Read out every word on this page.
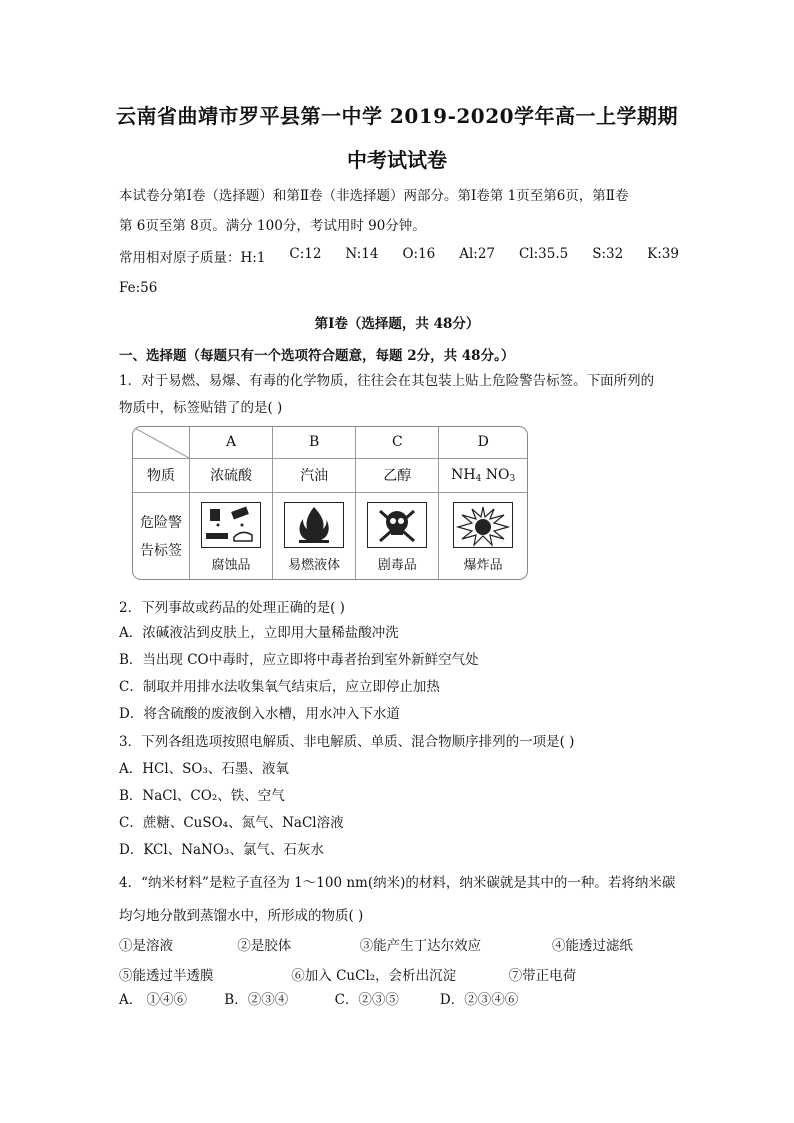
云南省曲靖市罗平县第一中学 2019-2020学年高一上学期期
中考试试卷
本试卷分第Ⅰ卷（选择题）和第Ⅱ卷（非选择题）两部分。第Ⅰ卷第 1页至第6页，第Ⅱ卷
第 6页至第 8页。满分 100分，考试用时 90分钟。
常用相对原子质量：H:1 C:12 N:14 O:16 Al:27 Cl:35.5 S:32 K:39
Fe:56
第Ⅰ卷（选择题，共 48分）
一、选择题（每题只有一个选项符合题意，每题 2分，共 48分。）
1．对于易燃、易爆、有毒的化学物质，往往会在其包装上贴上危险警告标签。下面所列的
物质中，标签贴错了的是( )
	A	B	C	D
物质	浓硫酸	汽油	乙醇	$NH_4$ $NO_3$

危险警
告标签	腐蚀品	易燃液体	剧毒品	爆炸品
2．下列事故或药品的处理正确的是( )
A．浓碱液沾到皮肤上，立即用大量稀盐酸冲洗
B．当出现 CO中毒时，应立即将中毒者抬到室外新鲜空气处
C．制取并用排水法收集氧气结束后，应立即停止加热
D．将含硫酸的废液倒入水槽，用水冲入下水道
3．下列各组选项按照电解质、非电解质、单质、混合物顺序排列的一项是( )
A．HCl、SO₃、石墨、液氧
B．NaCl、CO₂、铁、空气
C．蔗糖、CuSO₄、氮气、NaCl溶液
D．KCl、NaNO₃、氯气、石灰水
4．“纳米材料”是粒子直径为 1～100 nm(纳米)的材料，纳米碳就是其中的一种。若将纳米碳
均匀地分散到蒸馏水中，所形成的物质( )
①是溶液	②是胶体	③能产生丁达尔效应	④能透过滤纸
⑤能透过半透膜	⑥加入 CuCl₂，会析出沉淀	⑦带正电荷
A． ①④⑥	B．②③④	C．②③⑤	D．②③④⑥
